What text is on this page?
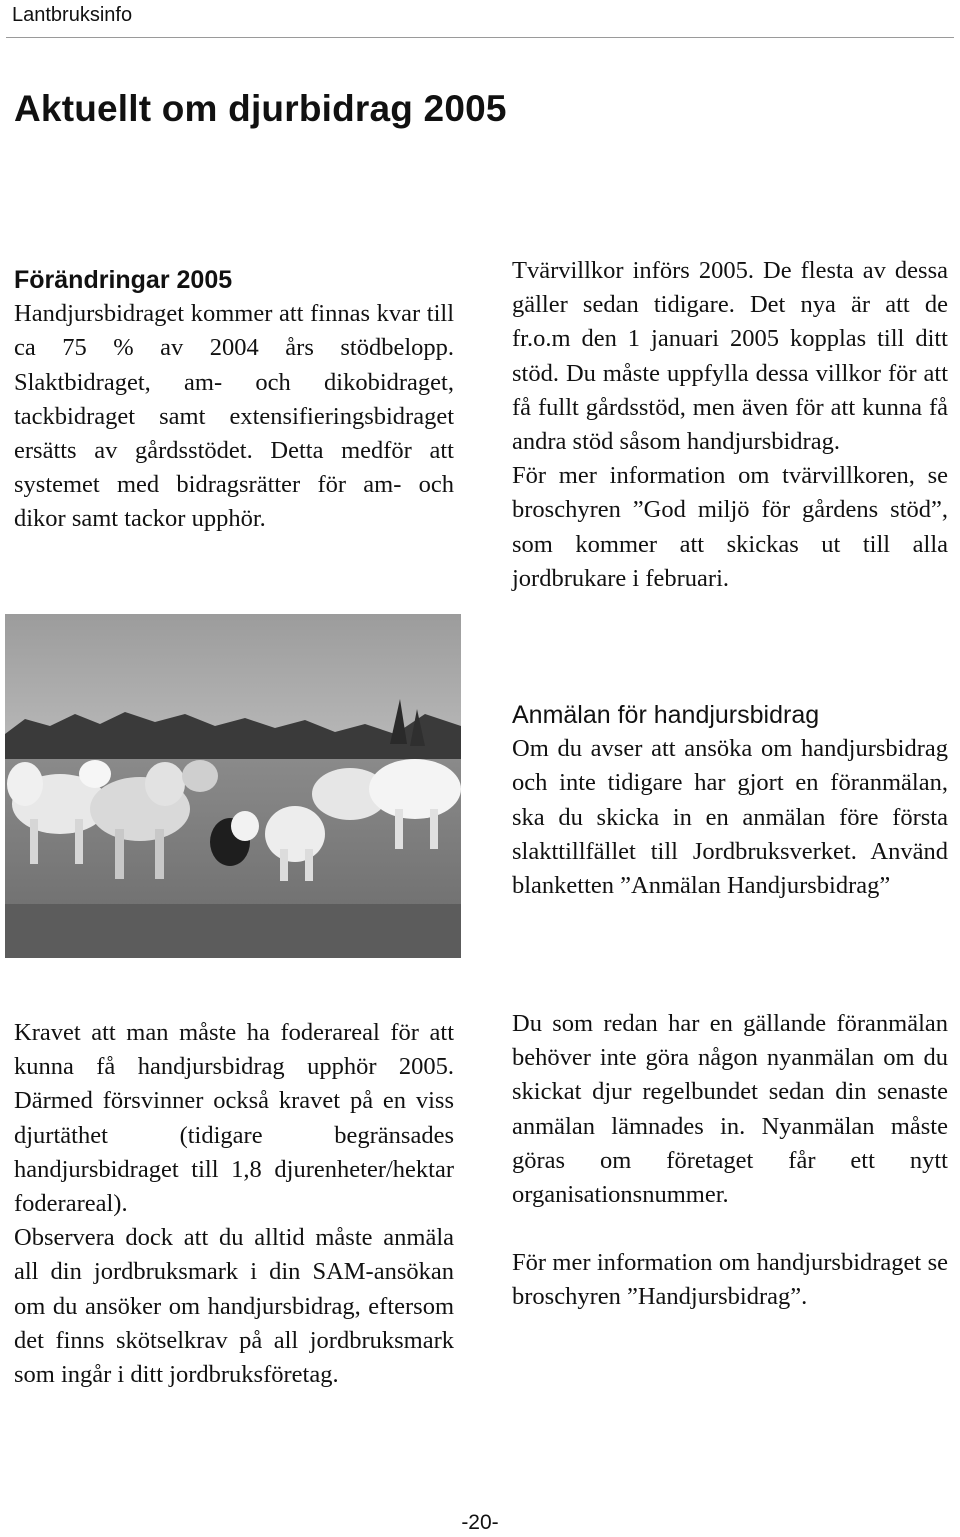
Lantbruksinfo
Aktuellt om djurbidrag 2005
Förändringar 2005

Handjursbidraget kommer att finnas kvar till ca 75 % av 2004 års stödbelopp. Slaktbidraget, am- och dikobidraget, tackbidraget samt extensifieringsbidraget ersätts av gårdsstödet. Detta medför att systemet med bidragsrätter för am- och dikor samt tackor upphör.

Tvärvillkor införs 2005. De flesta av dessa gäller sedan tidigare. Det nya är att de fr.o.m den 1 januari 2005 kopplas till ditt stöd. Du måste uppfylla dessa villkor för att få fullt gårdsstöd, men även för att kunna få andra stöd såsom handjursbidrag.

För mer information om tvärvillkoren, se broschyren ”God miljö för gårdens stöd”, som kommer att skickas ut till alla jordbrukare i februari.

Anmälan för handjursbidrag

Om du avser att ansöka om handjursbidrag och inte tidigare har gjort en föranmälan, ska du skicka in en anmälan före första slakttillfället till Jordbruksverket. Använd blanketten ”Anmälan Handjursbidrag”

Du som redan har en gällande föranmälan behöver inte göra någon nyanmälan om du skickat djur regelbundet sedan din senaste anmälan lämnades in. Nyanmälan måste göras om företaget får ett nytt organisationsnummer.

För mer information om handjursbidraget se broschyren ”Handjursbidrag”.

Kravet att man måste ha foderareal för att kunna få handjursbidrag upphör 2005. Därmed försvinner också kravet på en viss djurtäthet (tidigare begränsades handjursbidraget till 1,8 djurenheter/hektar foderareal).

Observera dock att du alltid måste anmäla all din jordbruksmark i din SAM-ansökan om du ansöker om handjursbidrag, eftersom det finns skötselkrav på all jordbruksmark som ingår i ditt jordbruksföretag.

-20-
